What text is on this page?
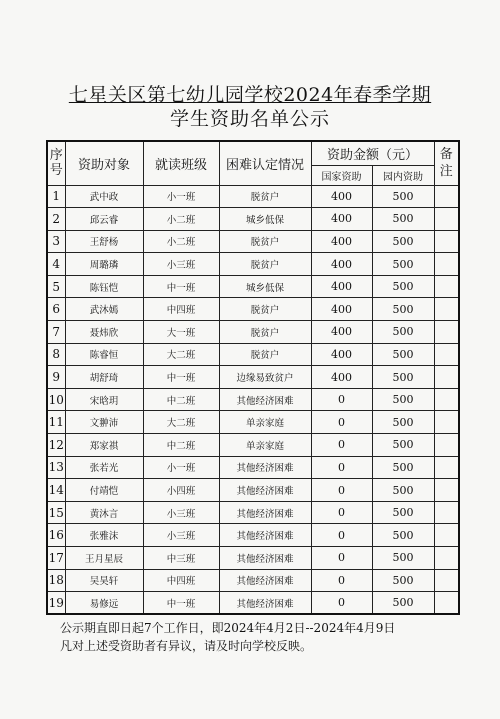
七星关区第七幼儿园学校2024年春季学期
学生资助名单公示
序号	资助对象	就读班级	困难认定情况	资助金额（元）		备注
				国家资助	园内资助	
1	武中政	小一班	脱贫户	400	500	
2	邱云睿	小二班	城乡低保	400	500	
3	王舒杨	小二班	脱贫户	400	500	
4	周璐璘	小三班	脱贫户	400	500	
5	陈钰恺	中一班	城乡低保	400	500	
6	武沐嫣	中四班	脱贫户	400	500	
7	聂炜欣	大一班	脱贫户	400	500	
8	陈睿恒	大二班	脱贫户	400	500	
9	胡舒琦	中一班	边缘易致贫户	400	500	
10	宋晗玥	中二班	其他经济困难	0	500	
11	文翀沛	大二班	单亲家庭	0	500	
12	郑家祺	中二班	单亲家庭	0	500	
13	张若光	小一班	其他经济困难	0	500	
14	付靖恺	小四班	其他经济困难	0	500	
15	黄沐言	小三班	其他经济困难	0	500	
16	张雅沫	小三班	其他经济困难	0	500	
17	王月星辰	中三班	其他经济困难	0	500	
18	吴昊轩	中四班	其他经济困难	0	500	
19	易修远	中一班	其他经济困难	0	500	
公示期直即日起7个工作日，即2024年4月2日--2024年4月9日
凡对上述受资助者有异议，请及时向学校反映。
